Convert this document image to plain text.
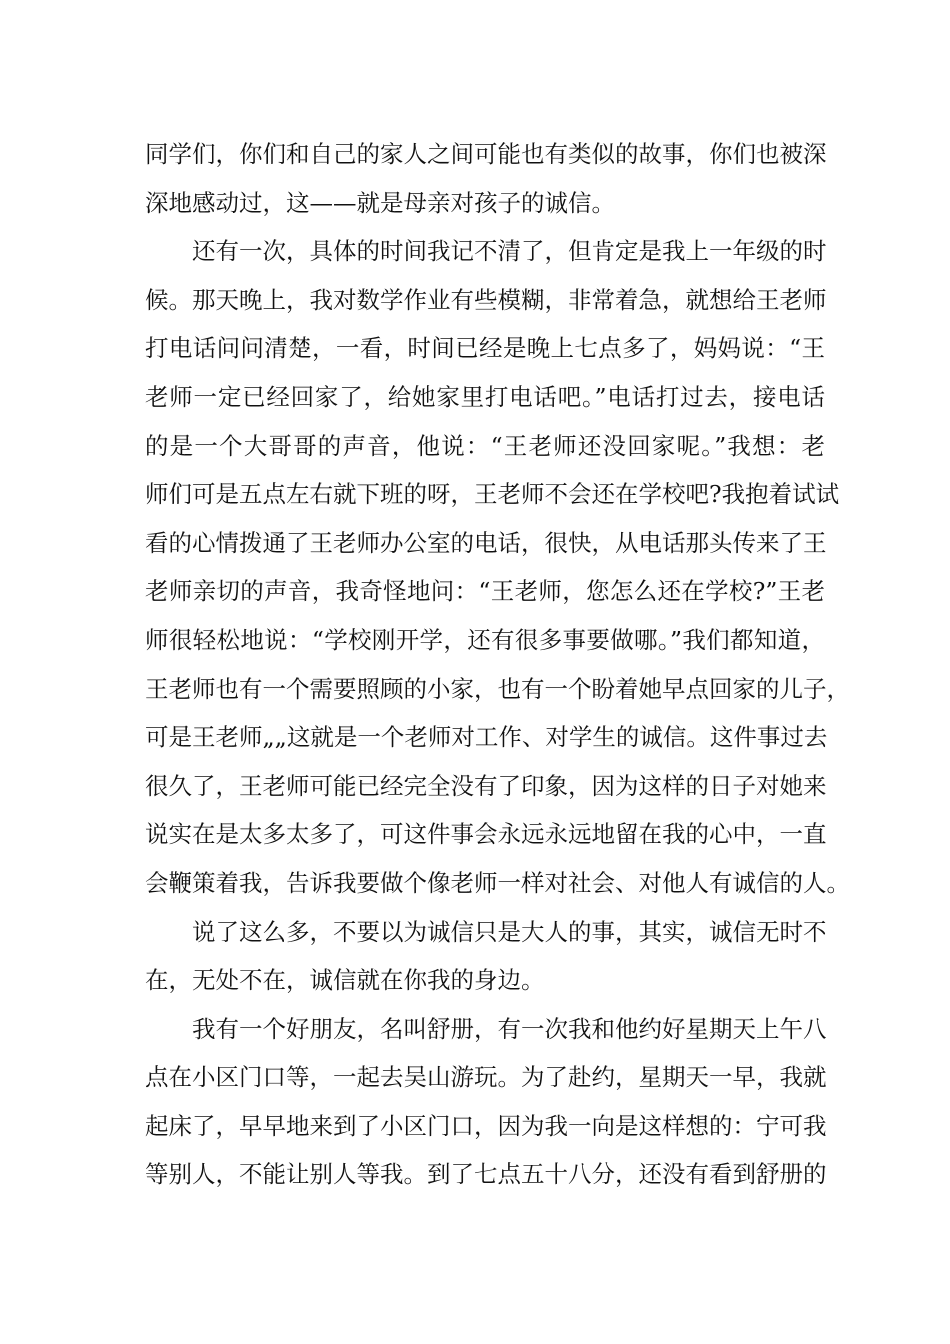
同学们，你们和自己的家人之间可能也有类似的故事，你们也被深
深地感动过，这——就是母亲对孩子的诚信。
还有一次，具体的时间我记不清了，但肯定是我上一年级的时
候。那天晚上，我对数学作业有些模糊，非常着急，就想给王老师
打电话问问清楚，一看，时间已经是晚上七点多了，妈妈说：“王
老师一定已经回家了，给她家里打电话吧。”电话打过去，接电话
的是一个大哥哥的声音，他说：“王老师还没回家呢。”我想：老
师们可是五点左右就下班的呀，王老师不会还在学校吧?我抱着试试
看的心情拨通了王老师办公室的电话，很快，从电话那头传来了王
老师亲切的声音，我奇怪地问：“王老师，您怎么还在学校?”王老
师很轻松地说：“学校刚开学，还有很多事要做哪。”我们都知道，
王老师也有一个需要照顾的小家，也有一个盼着她早点回家的儿子，
可是王老师„„这就是一个老师对工作、对学生的诚信。这件事过去
很久了，王老师可能已经完全没有了印象，因为这样的日子对她来
说实在是太多太多了，可这件事会永远永远地留在我的心中，一直
会鞭策着我，告诉我要做个像老师一样对社会、对他人有诚信的人。
说了这么多，不要以为诚信只是大人的事，其实，诚信无时不
在，无处不在，诚信就在你我的身边。
我有一个好朋友，名叫舒册，有一次我和他约好星期天上午八
点在小区门口等，一起去吴山游玩。为了赴约，星期天一早，我就
起床了，早早地来到了小区门口，因为我一向是这样想的：宁可我
等别人，不能让别人等我。到了七点五十八分，还没有看到舒册的
